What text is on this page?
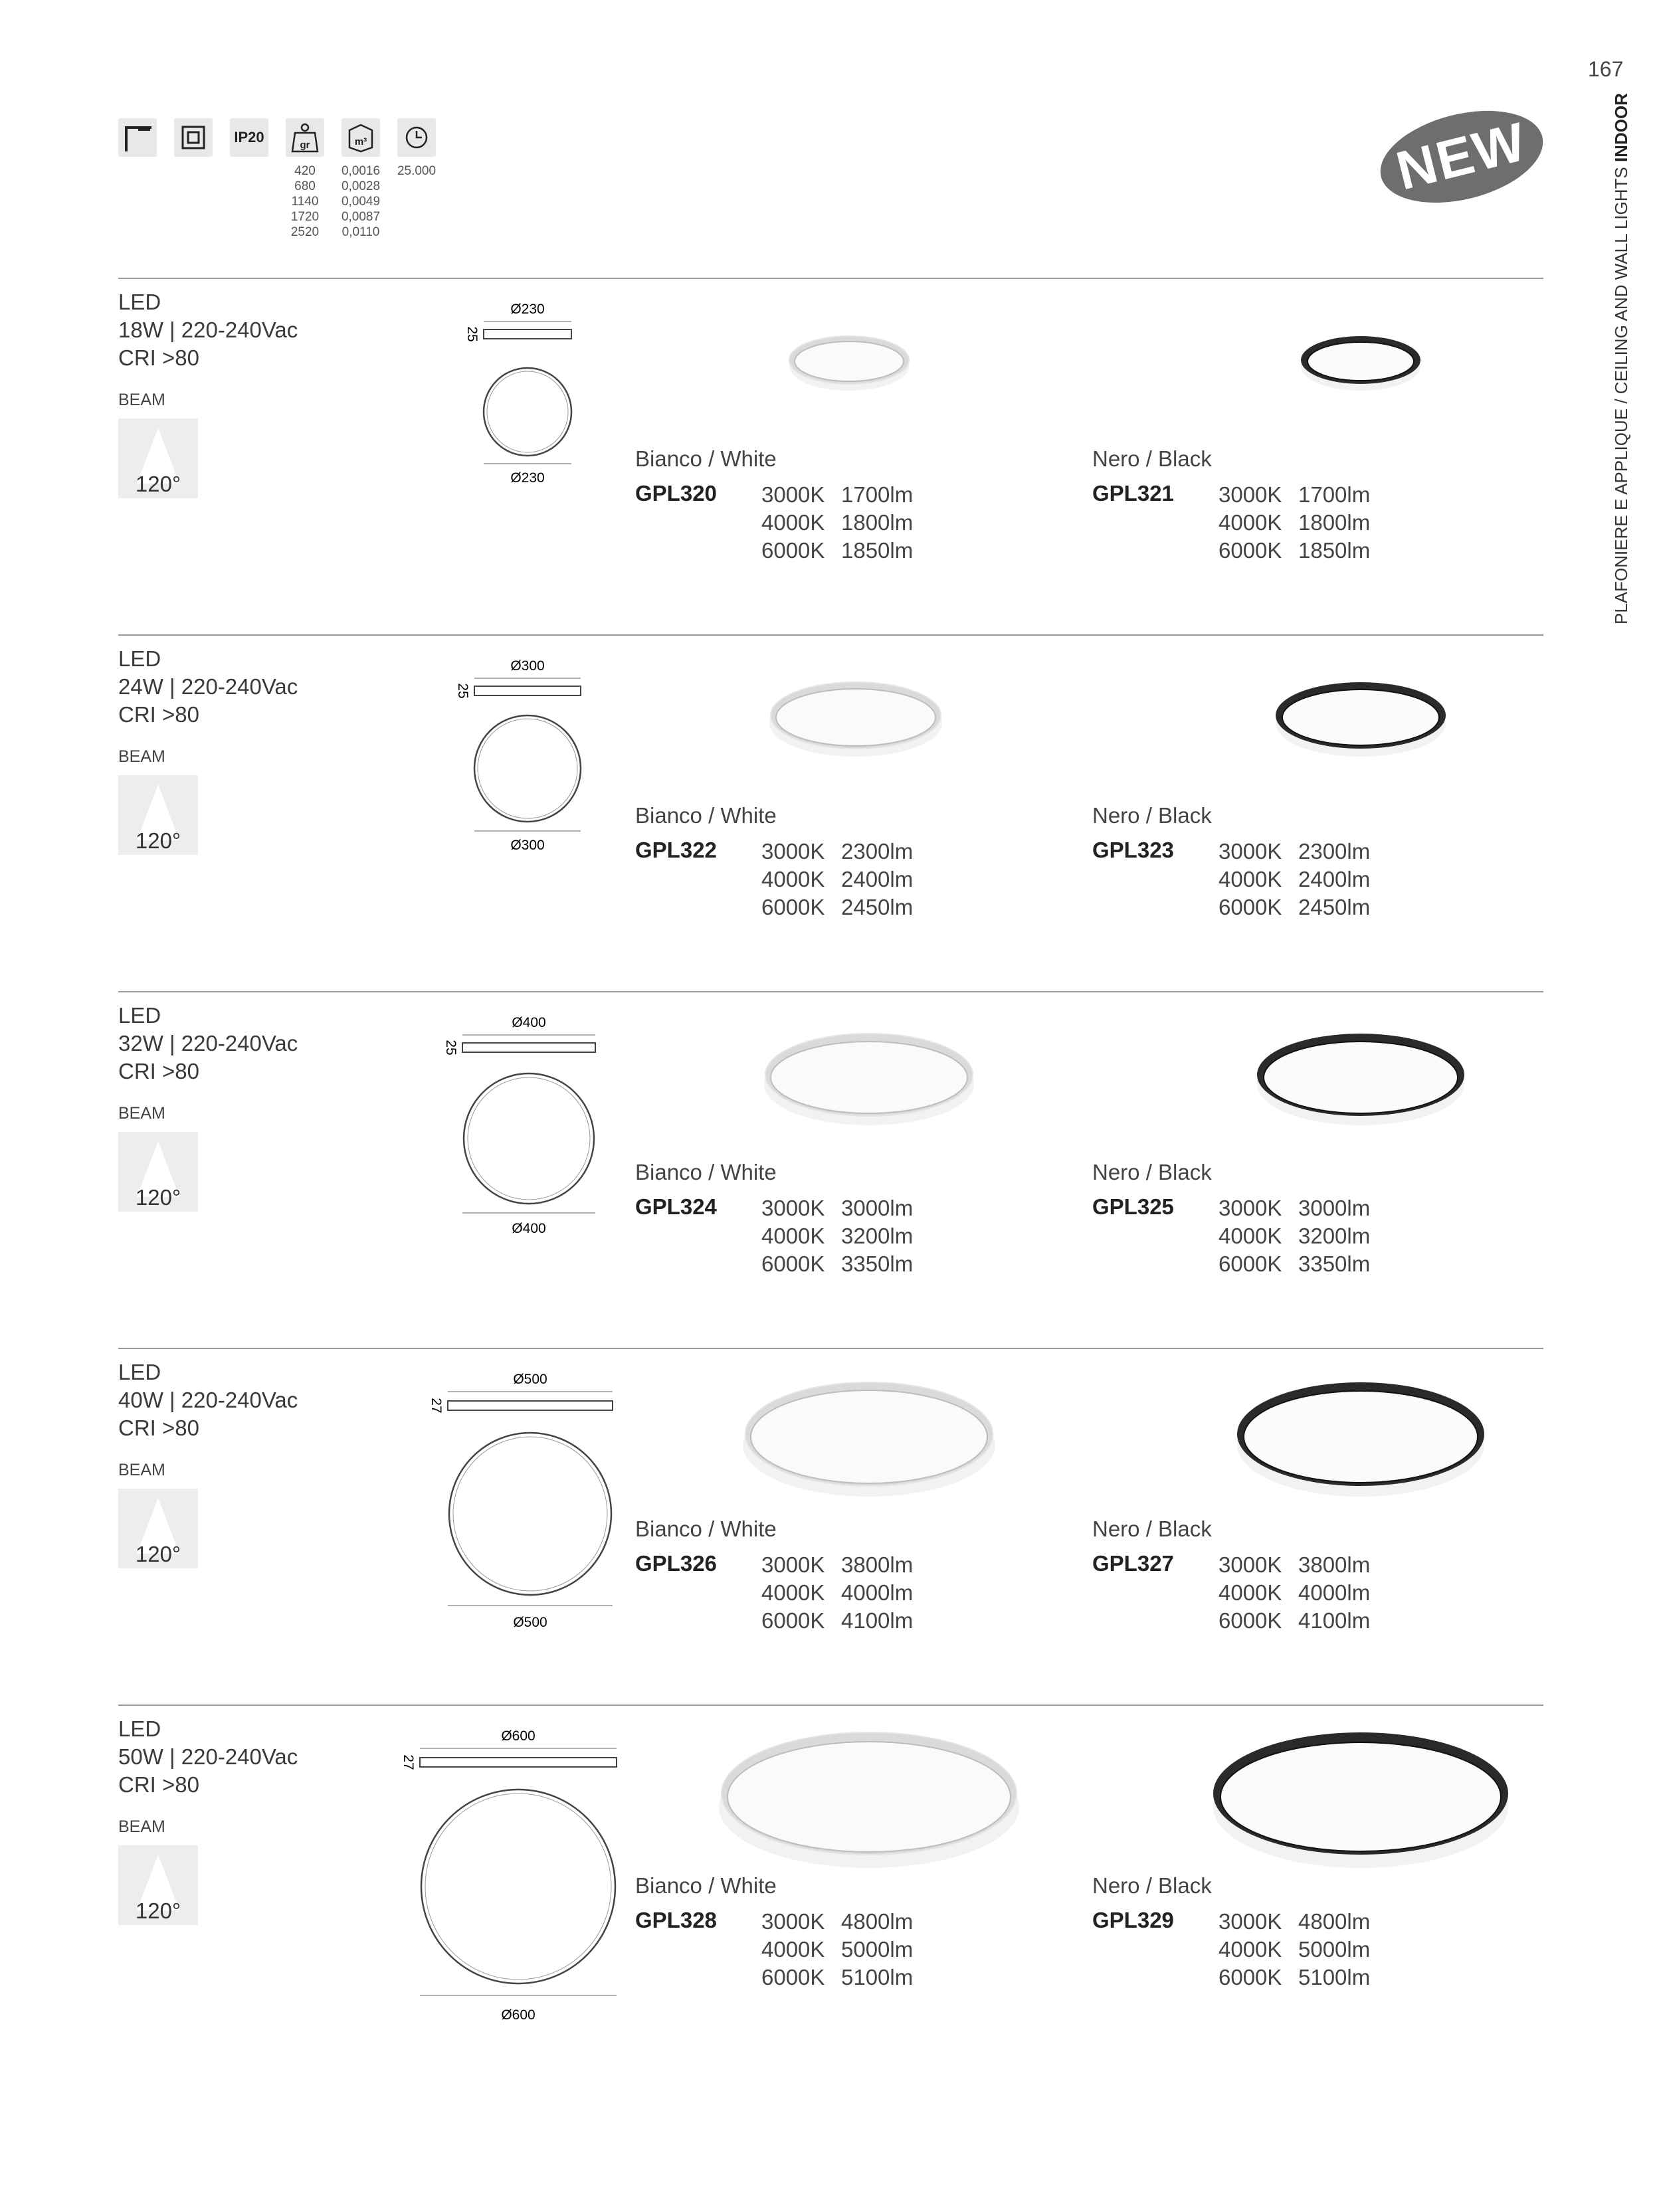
167
PLAFONIERE E APPLIQUE / CEILING AND WALL LIGHTS INDOOR
NEW
IP20	gr	m³
420
680
1140
1720
2520
0,0016
0,0028
0,0049
0,0087
0,0110
25.000
LED
18W | 220-240Vac
CRI >80
BEAM
120°
Ø230
25
Ø230
Bianco / White
GPL320 3000K 1700lm
4000K 1800lm
6000K 1850lm
Nero / Black
GPL321 3000K 1700lm
4000K 1800lm
6000K 1850lm
LED
24W | 220-240Vac
CRI >80
BEAM
120°
Ø300
25
Ø300
Bianco / White
GPL322 3000K 2300lm
4000K 2400lm
6000K 2450lm
Nero / Black
GPL323 3000K 2300lm
4000K 2400lm
6000K 2450lm
LED
32W | 220-240Vac
CRI >80
BEAM
120°
Ø400
25
Ø400
Bianco / White
GPL324 3000K 3000lm
4000K 3200lm
6000K 3350lm
Nero / Black
GPL325 3000K 3000lm
4000K 3200lm
6000K 3350lm
LED
40W | 220-240Vac
CRI >80
BEAM
120°
Ø500
27
Ø500
Bianco / White
GPL326 3000K 3800lm
4000K 4000lm
6000K 4100lm
Nero / Black
GPL327 3000K 3800lm
4000K 4000lm
6000K 4100lm
LED
50W | 220-240Vac
CRI >80
BEAM
120°
Ø600
27
Ø600
Bianco / White
GPL328 3000K 4800lm
4000K 5000lm
6000K 5100lm
Nero / Black
GPL329 3000K 4800lm
4000K 5000lm
6000K 5100lm
